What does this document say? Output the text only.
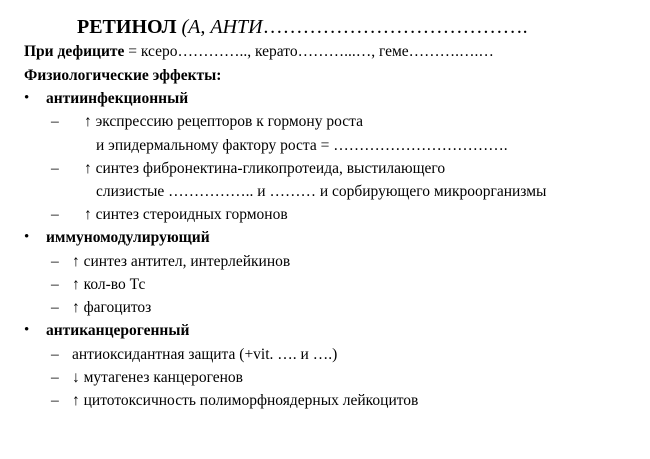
РЕТИНОЛ (А, АНТИ………………………………….
При дефиците = ксеро………….., керато………...…, геме……….….…
Физиологические эффекты:
• антиинфекционный
– ↑ экспрессию рецепторов к гормону роста
и эпидермальному фактору роста = …………………………….
– ↑ синтез фибронектина-гликопротеида, выстилающего
слизистые …………….. и ……… и сорбирующего микроорганизмы
– ↑ синтез стероидных гормонов
• иммуномодулирующий
– ↑ синтез антител, интерлейкинов
– ↑ кол-во Тс
– ↑ фагоцитоз
• антиканцерогенный
– антиоксидантная защита (+vit. …. и ….)
– ↓ мутагенез канцерогенов
– ↑ цитотоксичность полиморфноядерных лейкоцитов
